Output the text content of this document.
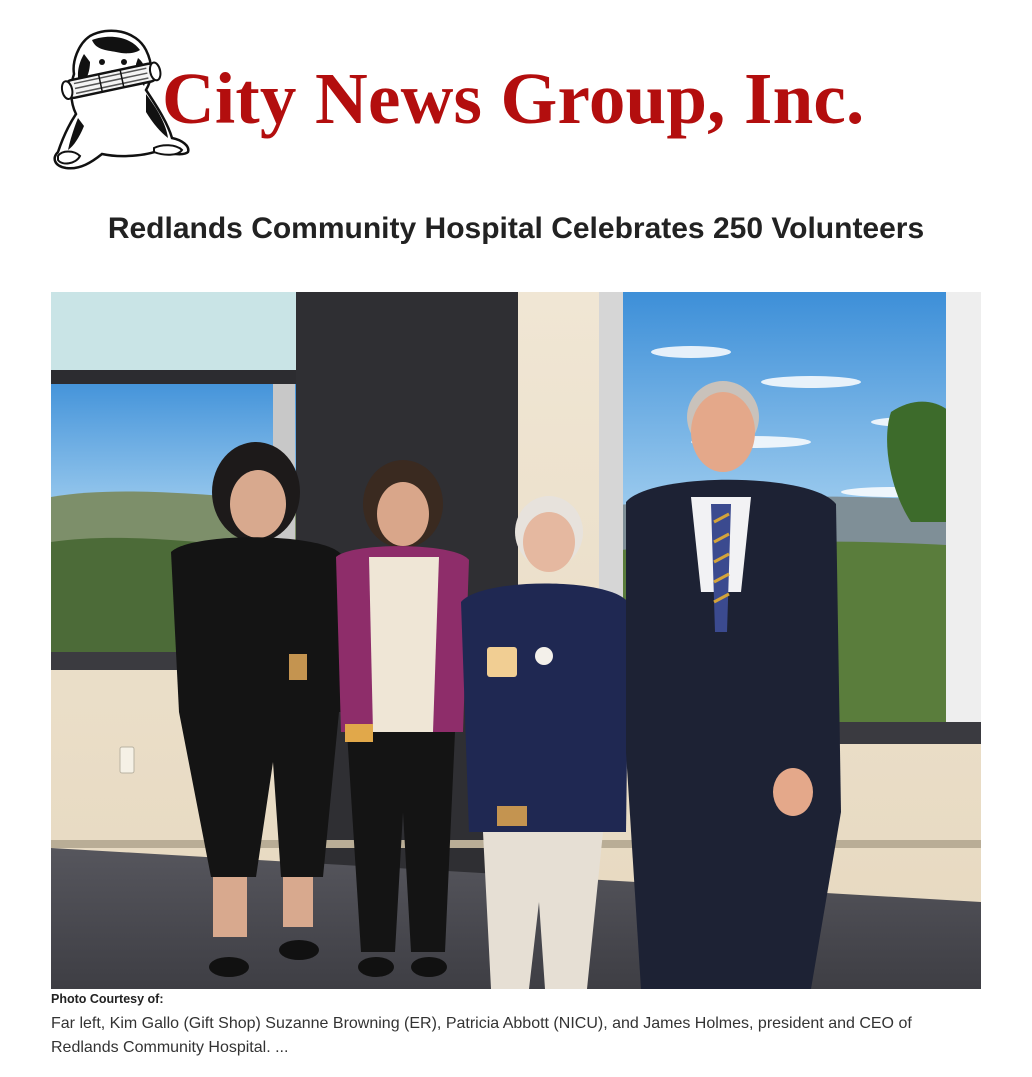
City News Group, Inc.
Redlands Community Hospital Celebrates 250 Volunteers
Photo Courtesy of:

Far left, Kim Gallo (Gift Shop) Suzanne Browning (ER), Patricia Abbott (NICU), and James Holmes, president and CEO of Redlands Community Hospital. ...
